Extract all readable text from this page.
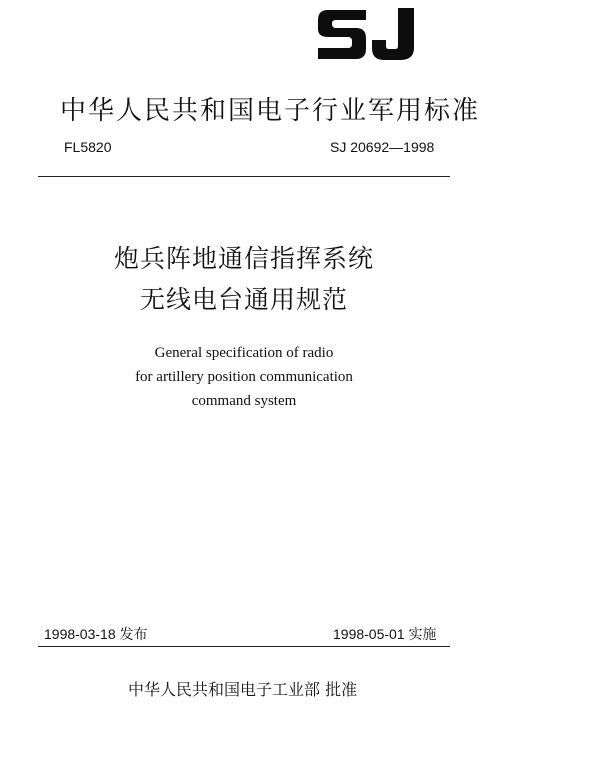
中华人民共和国电子行业军用标准
FL5820	SJ 20692—1998
炮兵阵地通信指挥系统
无线电台通用规范
General specification of radio
for artillery position communication
command system
1998-03-18 发布	1998-05-01 实施
中华人民共和国电子工业部 批准
